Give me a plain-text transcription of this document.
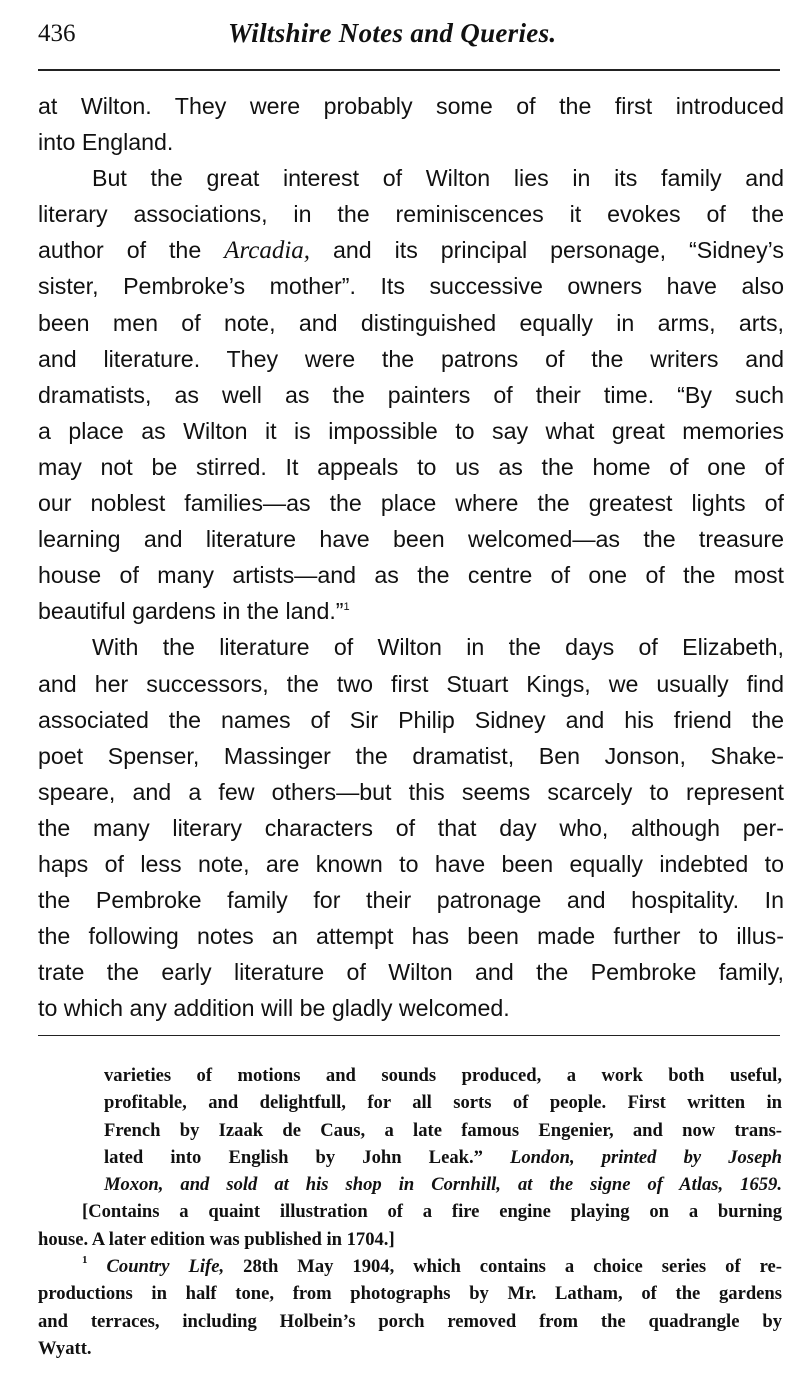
436	Wiltshire Notes and Queries.
at Wilton. They were probably some of the first introduced
into England.
But the great interest of Wilton lies in its family and
literary associations, in the reminiscences it evokes of the
author of the Arcadia, and its principal personage, “Sidney’s
sister, Pembroke’s mother”. Its successive owners have also
been men of note, and distinguished equally in arms, arts,
and literature. They were the patrons of the writers and
dramatists, as well as the painters of their time. “By such
a place as Wilton it is impossible to say what great memories
may not be stirred. It appeals to us as the home of one of
our noblest families—as the place where the greatest lights of
learning and literature have been welcomed—as the treasure
house of many artists—and as the centre of one of the most
beautiful gardens in the land.”$^1$
With the literature of Wilton in the days of Elizabeth,
and her successors, the two first Stuart Kings, we usually find
associated the names of Sir Philip Sidney and his friend the
poet Spenser, Massinger the dramatist, Ben Jonson, Shake-
speare, and a few others—but this seems scarcely to represent
the many literary characters of that day who, although per-
haps of less note, are known to have been equally indebted to
the Pembroke family for their patronage and hospitality. In
the following notes an attempt has been made further to illus-
trate the early literature of Wilton and the Pembroke family,
to which any addition will be gladly welcomed.
varieties of motions and sounds produced, a work both useful,
profitable, and delightfull, for all sorts of people. First written in
French by Izaak de Caus, a late famous Engenier, and now trans-
lated into English by John Leak.” London, printed by Joseph
Moxon, and sold at his shop in Cornhill, at the signe of Atlas, 1659.
[Contains a quaint illustration of a fire engine playing on a burning
house. A later edition was published in 1704.]
$^1$ Country Life, 28th May 1904, which contains a choice series of re-
productions in half tone, from photographs by Mr. Latham, of the gardens
and terraces, including Holbein’s porch removed from the quadrangle by
Wyatt.
